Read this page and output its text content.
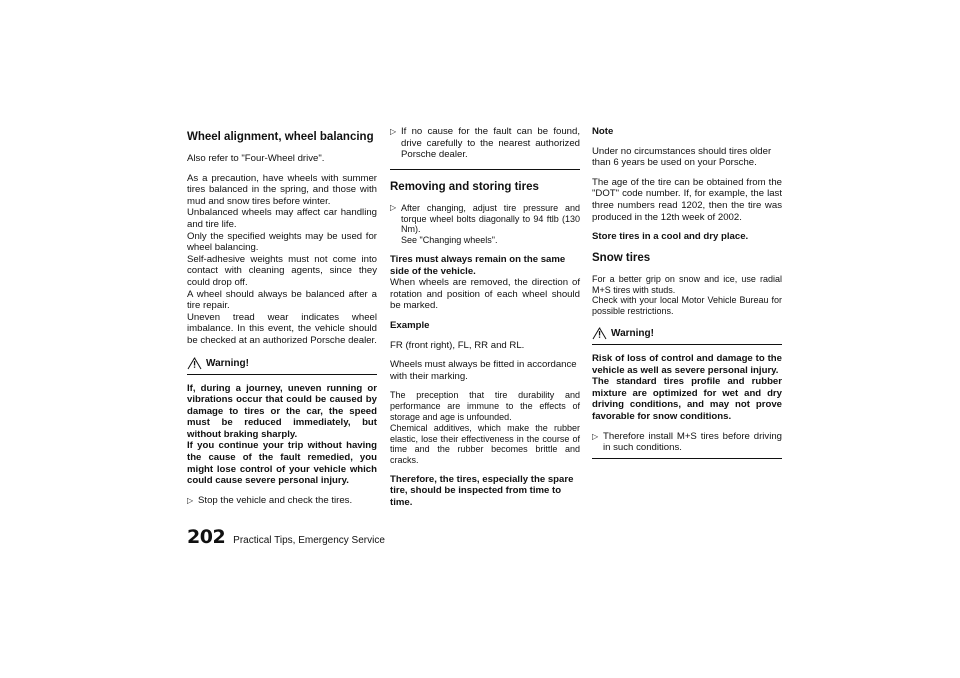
Wheel alignment, wheel balancing

Also refer to "Four-Wheel drive".

As a precaution, have wheels with summer tires balanced in the spring, and those with mud and snow tires before winter.

Unbalanced wheels may affect car handling and tire life.

Only the specified weights may be used for wheel balancing.

Self-adhesive weights must not come into contact with cleaning agents, since they could drop off.

A wheel should always be balanced after a tire repair.

Uneven tread wear indicates wheel imbalance. In this event, the vehicle should be checked at an authorized Porsche dealer.

Warning!

If, during a journey, uneven running or vibrations occur that could be caused by damage to tires or the car, the speed must be reduced immediately, but without braking sharply.

If you continue your trip without having the cause of the fault remedied, you might lose control of your vehicle which could cause severe personal injury.

▷ Stop the vehicle and check the tires.
▷ If no cause for the fault can be found, drive carefully to the nearest authorized Porsche dealer.
Removing and storing tires
▷ After changing, adjust tire pressure and torque wheel bolts diagonally to 94 ftlb (130 Nm).
See "Changing wheels".

Tires must always remain on the same side of the vehicle.

When wheels are removed, the direction of rotation and position of each wheel should be marked.

Example

FR (front right), FL, RR and RL.

Wheels must always be fitted in accordance with their marking.

The preception that tire durability and performance are immune to the effects of storage and age is unfounded.

Chemical additives, which make the rubber elastic, lose their effectiveness in the course of time and the rubber becomes brittle and cracks.

Therefore, the tires, especially the spare tire, should be inspected from time to time.

Note

Under no circumstances should tires older than 6 years be used on your Porsche.

The age of the tire can be obtained from the "DOT" code number. If, for example, the last three numbers read 1202, then the tire was produced in the 12th week of 2002.

Store tires in a cool and dry place.

Snow tires

For a better grip on snow and ice, use radial M+S tires with studs.

Check with your local Motor Vehicle Bureau for possible restrictions.

Warning!

Risk of loss of control and damage to the vehicle as well as severe personal injury.

The standard tires profile and rubber mixture are optimized for wet and dry driving conditions, and may not prove favorable for snow conditions.

▷ Therefore install M+S tires before driving in such conditions.
202 Practical Tips, Emergency Service
